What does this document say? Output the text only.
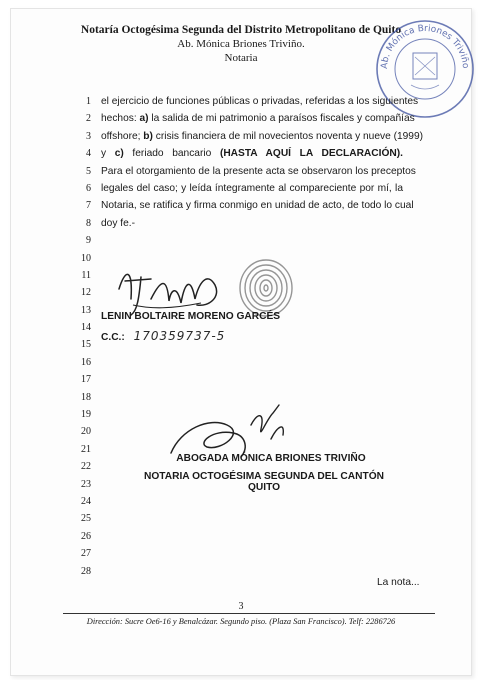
Notaría Octogésima Segunda del Distrito Metropolitano de Quito
Ab. Mónica Briones Triviño.
Notaria
Ab. Mónica Briones Triviño
1
2
3
4
5
6
7
8
9
10
11
12
13
14
15
16
17
18
19
20
21
22
23
24
25
26
27
28
el ejercicio de funciones públicas o privadas, referidas a los siguientes
hechos: a) la salida de mi patrimonio a paraísos fiscales y compañías
offshore; b) crisis financiera de mil novecientos noventa y nueve (1999)
y c) feriado bancario (HASTA AQUÍ LA DECLARACIÓN).
Para el otorgamiento de la presente acta se observaron los preceptos
legales del caso; y leída íntegramente al compareciente por mí, la
Notaria, se ratifica y firma conmigo en unidad de acto, de todo lo cual
doy fe.-
LENIN BOLTAIRE MORENO GARCÉS
C.C.: 170359737-5
ABOGADA MÓNICA BRIONES TRIVIÑO
NOTARIA OCTOGÉSIMA SEGUNDA DEL CANTÓN QUITO
La nota...
3
Dirección: Sucre Oe6-16 y Benalcázar. Segundo piso. (Plaza San Francisco). Telf: 2286726
